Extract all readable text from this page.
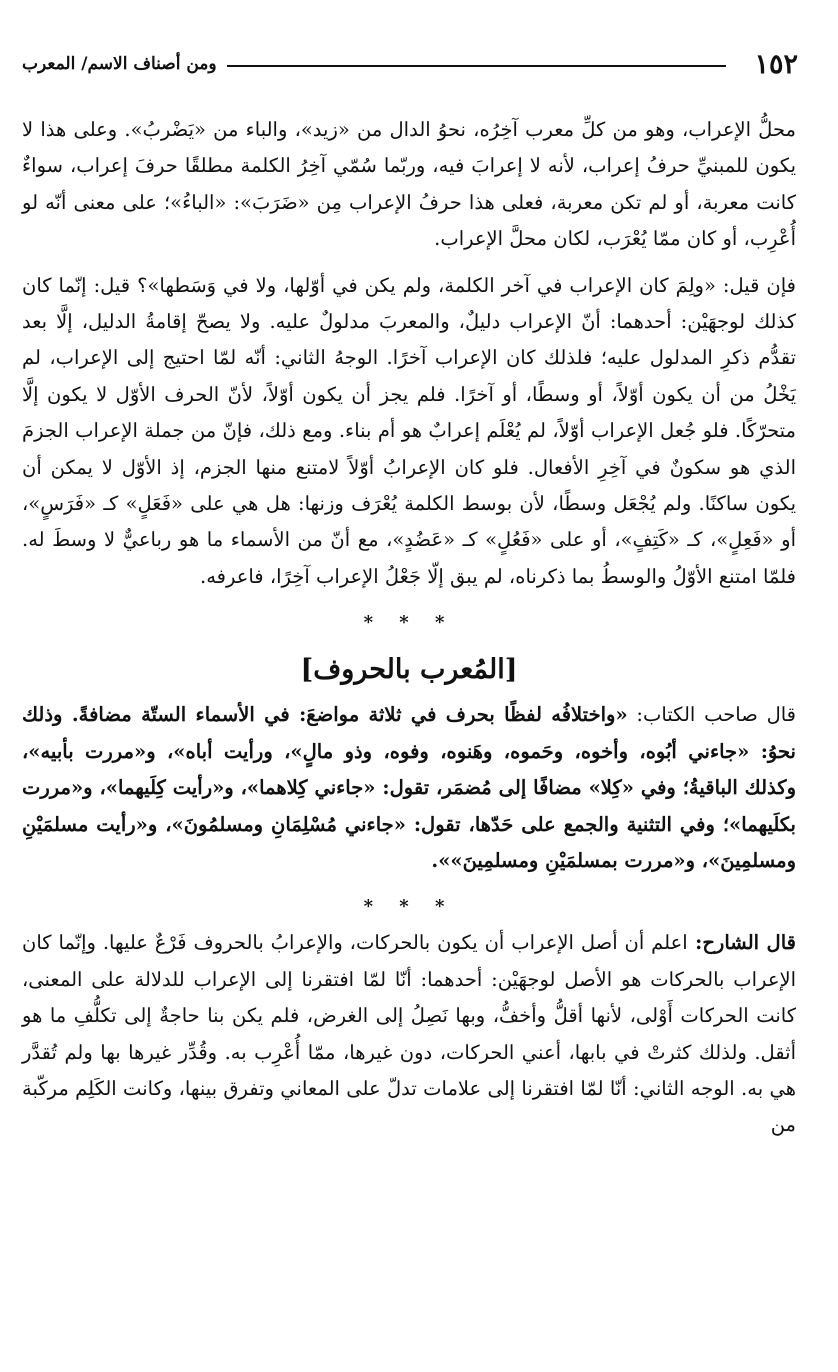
١٥٢
ومن أصناف الاسم/ المعرب

محلُّ الإعراب، وهو من كلِّ معرب آخِرُه، نحوُ الدال من «زيد»، والباء من «يَضْربُ». وعلى هذا لا يكون للمبنيِّ حرفُ إعراب، لأنه لا إعرابَ فيه، وربّما سُمّي آخِرُ الكلمة مطلقًا حرفَ إعراب، سواءٌ كانت معربة، أو لم تكن معربة، فعلى هذا حرفُ الإعراب مِن «ضَرَبَ»: «الباءُ»؛ على معنى أنّه لو أُعْرِب، أو كان ممّا يُعْرَب، لكان محلَّ الإعراب.

فإن قيل: «ولِمَ كان الإعراب في آخر الكلمة، ولم يكن في أوّلها، ولا في وَسَطها»؟ قيل: إنّما كان كذلك لوجهَيْن: أحدهما: أنّ الإعراب دليلٌ، والمعربَ مدلولٌ عليه. ولا يصحّ إقامةُ الدليل، إلَّا بعد تقدُّم ذكرِ المدلول عليه؛ فلذلك كان الإعراب آخرًا. الوجهُ الثاني: أنّه لمّا احتيج إلى الإعراب، لم يَخْلُ من أن يكون أوّلاً، أو وسطًا، أو آخرًا. فلم يجز أن يكون أوّلاً، لأنّ الحرف الأوّل لا يكون إلَّا متحرّكًا. فلو جُعل الإعراب أوّلاً، لم يُعْلَم إعرابٌ هو أم بناء. ومع ذلك، فإنّ من جملة الإعراب الجزمَ الذي هو سكونٌ في آخِرِ الأفعال. فلو كان الإعرابُ أوّلاً لامتنع منها الجزم، إذ الأوّل لا يمكن أن يكون ساكنًا. ولم يُجْعَل وسطًا، لأن بوسط الكلمة يُعْرَف وزنها: هل هي على «فَعَلٍ» كـ «فَرَسٍ»، أو «فَعِلٍ»، كـ «كَتِفٍ»، أو على «فَعُلٍ» كـ «عَضُدٍ»، مع أنّ من الأسماء ما هو رباعيٌّ لا وسطَ له. فلمّا امتنع الأوّلُ والوسطُ بما ذكرناه، لم يبق إلّا جَعْلُ الإعراب آخِرًا، فاعرفه.

* * *

[المُعرب بالحروف]

قال صاحب الكتاب: «واختلافُه لفظًا بحرف في ثلاثة مواضعَ: في الأسماء الستّة مضافةً. وذلك نحوُ: «جاءني أبُوه، وأخوه، وحَموه، وهَنوه، وفوه، وذو مالٍ»، ورأيت أباه»، و«مررت بأبيه»، وكذلك الباقيةُ؛ وفي «كِلا» مضافًا إلى مُضمَر، تقول: «جاءني كِلاهما»، و«رأيت كِلَيهما»، و«مررت بكلَيهما»؛ وفي التثنية والجمع على حَدّها، تقول: «جاءني مُسْلِمَانِ ومسلمُونَ»، و«رأيت مسلمَيْنِ ومسلمِينَ»، و«مررت بمسلمَيْنِ ومسلمِينَ»».

* * *

قال الشارح: اعلم أن أصل الإعراب أن يكون بالحركات، والإعرابُ بالحروف فَرْعٌ عليها. وإنّما كان الإعراب بالحركات هو الأصل لوجهَيْن: أحدهما: أنّا لمّا افتقرنا إلى الإعراب للدلالة على المعنى، كانت الحركات أَوْلى، لأنها أقلُّ وأخفُّ، وبها نَصِلُ إلى الغرض، فلم يكن بنا حاجةٌ إلى تكلُّفِ ما هو أثقل. ولذلك كثرتْ في بابها، أعني الحركات، دون غيرها، ممّا أُعْرِب به. وقُدِّر غيرها بها ولم تُقدَّر هي به. الوجه الثاني: أنّا لمّا افتقرنا إلى علامات تدلّ على المعاني وتفرق بينها، وكانت الكَلِم مركّبة من
